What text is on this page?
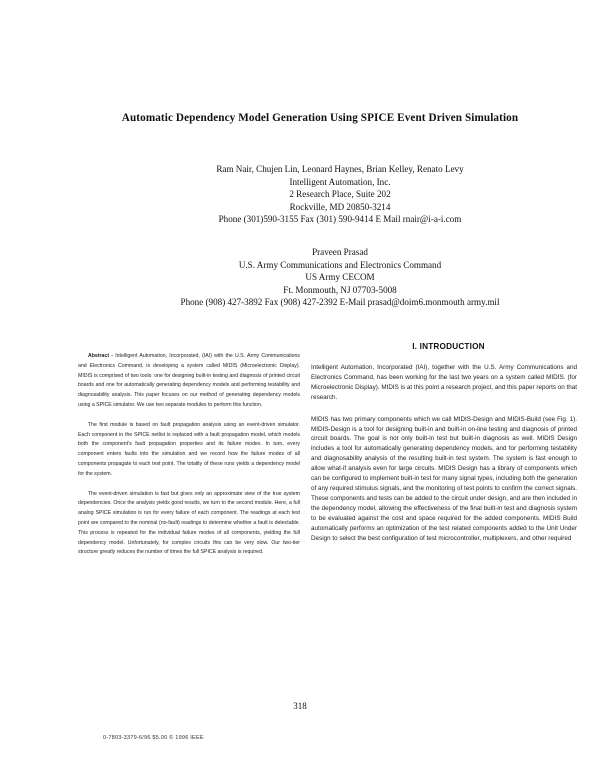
Automatic Dependency Model Generation Using SPICE Event Driven Simulation
Ram Nair, Chujen Lin, Leonard Haynes, Brian Kelley, Renato Levy
Intelligent Automation, Inc.
2 Research Place, Suite 202
Rockville, MD 20850-3214
Phone (301)590-3155 Fax (301) 590-9414 E Mail rnair@i-a-i.com
Praveen Prasad
U.S. Army Communications and Electronics Command
US Army CECOM
Ft. Monmouth, NJ 07703-5008
Phone (908) 427-3892 Fax (908) 427-2392 E-Mail prasad@doim6.monmouth army.mil

Abstract - Intelligent Automation, Incorporated, (IAI) with the U.S. Army Communications and Electronics Command, is developing a system called MIDIS (Microelectronic Display). MIDIS is comprised of two tools: one for designing built-in testing and diagnosis of printed circuit boards and one for automatically generating dependency models and performing testability and diagnosability analysis. This paper focuses on our method of generating dependency models using a SPICE simulator. We use two separate modules to perform this function.

The first module is based on fault propagation analysis using an event-driven simulator. Each component in the SPICE netlist is replaced with a fault propagation model, which models both the component's fault propagation properties and its failure modes. In turn, every component enters faults into the simulation and we record how the failure modes of all components propagate to each test point. The totality of these runs yields a dependency model for the system.

The event-driven simulation is fast but gives only an approximate view of the true system dependencies. Once the analysis yields good results, we turn to the second module. Here, a full analog SPICE simulation is run for every failure of each component. The readings at each test point are compared to the nominal (no-fault) readings to determine whether a fault is detectable. This process is repeated for the individual failure modes of all components, yielding the full dependency model. Unfortunately, for complex circuits this can be very slow. Our two-tier structure greatly reduces the number of times the full SPICE analysis is required.

I. INTRODUCTION

Intelligent Automation, Incorporated (IAI), together with the U.S. Army Communications and Electronics Command, has been working for the last two years on a system called MIDIS. (for Microelectronic Display). MIDIS is at this point a research project, and this paper reports on that research.

MIDIS has two primary components which we call MIDIS-Design and MIDIS-Build (see Fig. 1). MIDIS-Design is a tool for designing built-in and built-in on-line testing and diagnosis of printed circuit boards. The goal is not only built-in test but built-in diagnosis as well. MIDIS Design includes a tool for automatically generating dependency models, and for performing testability and diagnosability analysis of the resulting built-in test system. The system is fast enough to allow what-if analysis even for large circuits. MIDIS Design has a library of components which can be configured to implement built-in test for many signal types, including both the generation of any required stimulus signals, and the monitoring of test points to confirm the correct signals. These components and tests can be added to the circuit under design, and are then included in the dependency model, allowing the effectiveness of the final built-in test and diagnosis system to be evaluated against the cost and space required for the added components. MIDIS Build automatically performs an optimization of the test related components added to the Unit Under Design to select the best configuration of test microcontroller, multiplexers, and other required

318
0-7803-3379-6/96 $5.00 © 1996 IEEE
